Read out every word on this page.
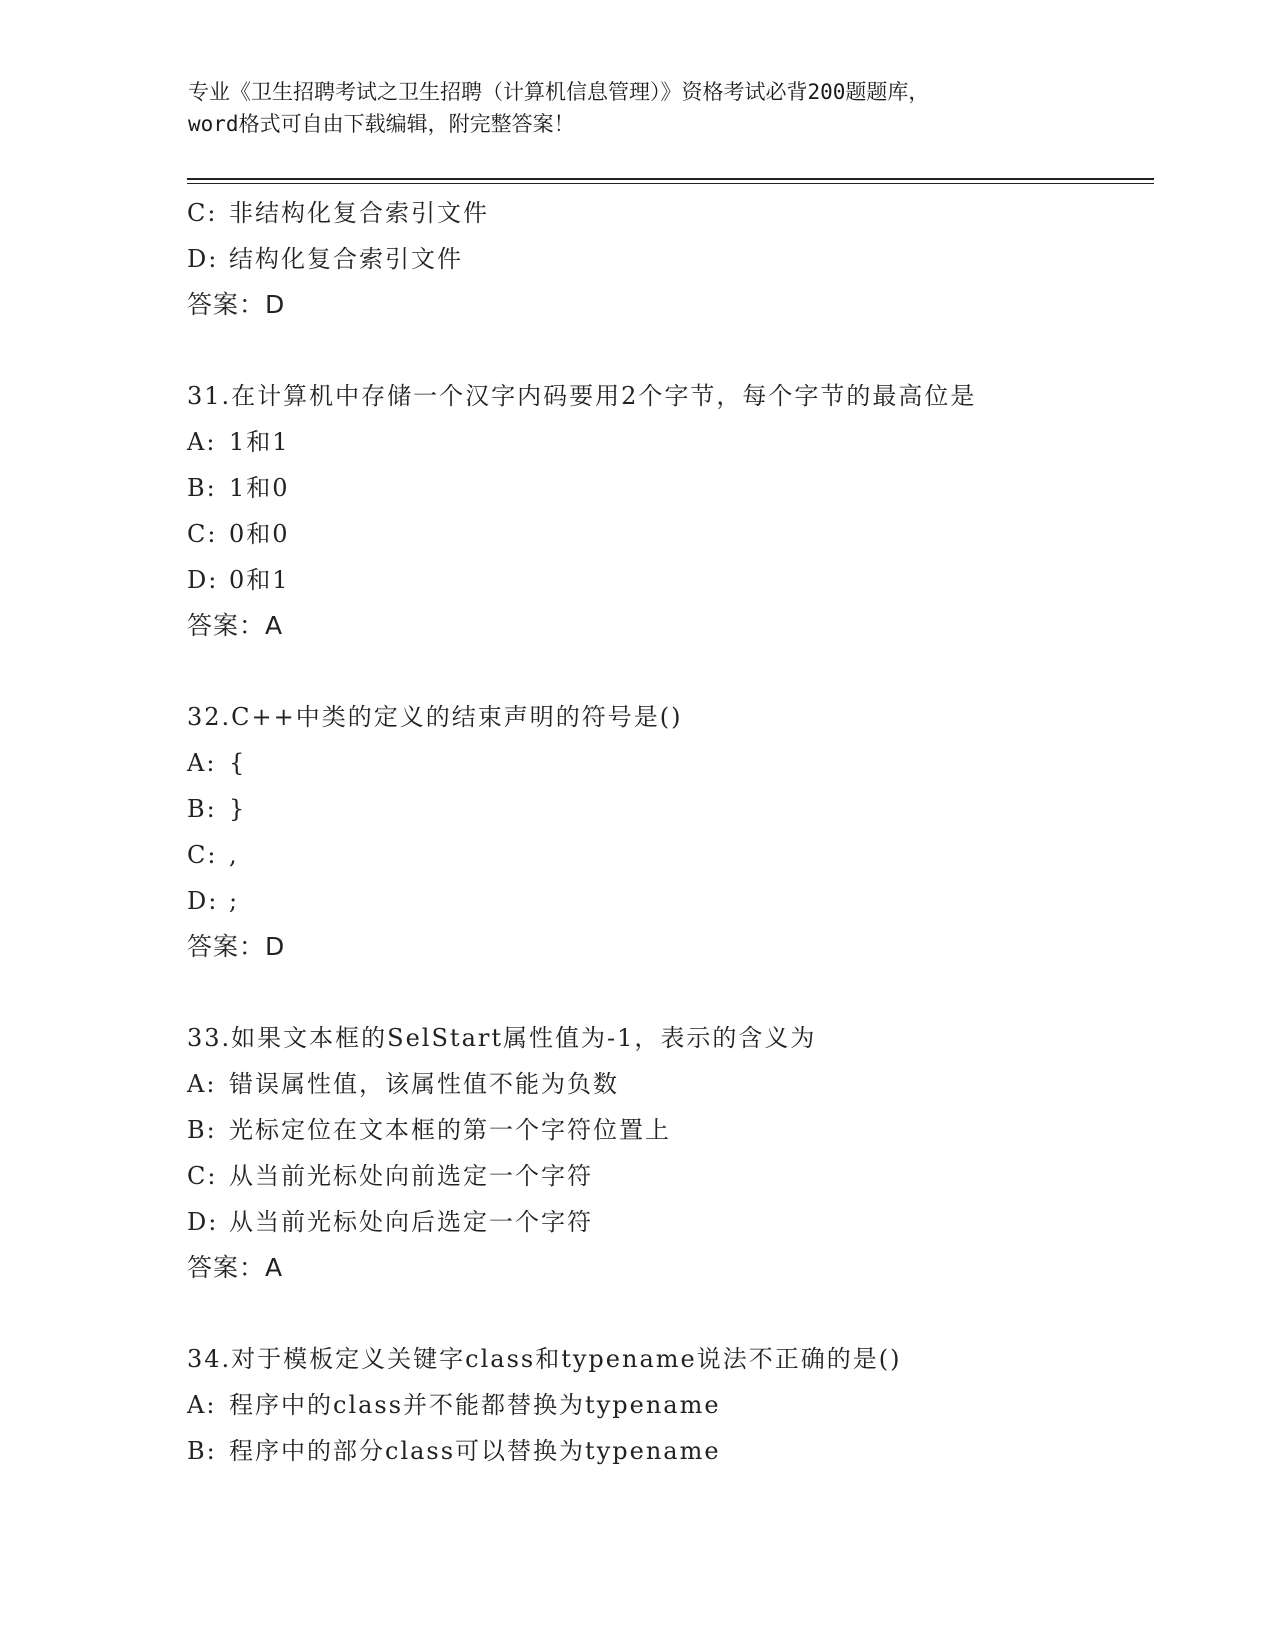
专业《卫生招聘考试之卫生招聘（计算机信息管理）》资格考试必背200题题库，
word格式可自由下载编辑，附完整答案！
C: 非结构化复合索引文件
D: 结构化复合索引文件
答案：D
31.在计算机中存储一个汉字内码要用2个字节，每个字节的最高位是
A: 1和1
B: 1和0
C: 0和0
D: 0和1
答案：A
32.C++中类的定义的结束声明的符号是()
A: {
B: }
C: ,
D: ;
答案：D
33.如果文本框的SelStart属性值为-1，表示的含义为
A: 错误属性值，该属性值不能为负数
B: 光标定位在文本框的第一个字符位置上
C: 从当前光标处向前选定一个字符
D: 从当前光标处向后选定一个字符
答案：A
34.对于模板定义关键字class和typename说法不正确的是()
A: 程序中的class并不能都替换为typename
B: 程序中的部分class可以替换为typename
